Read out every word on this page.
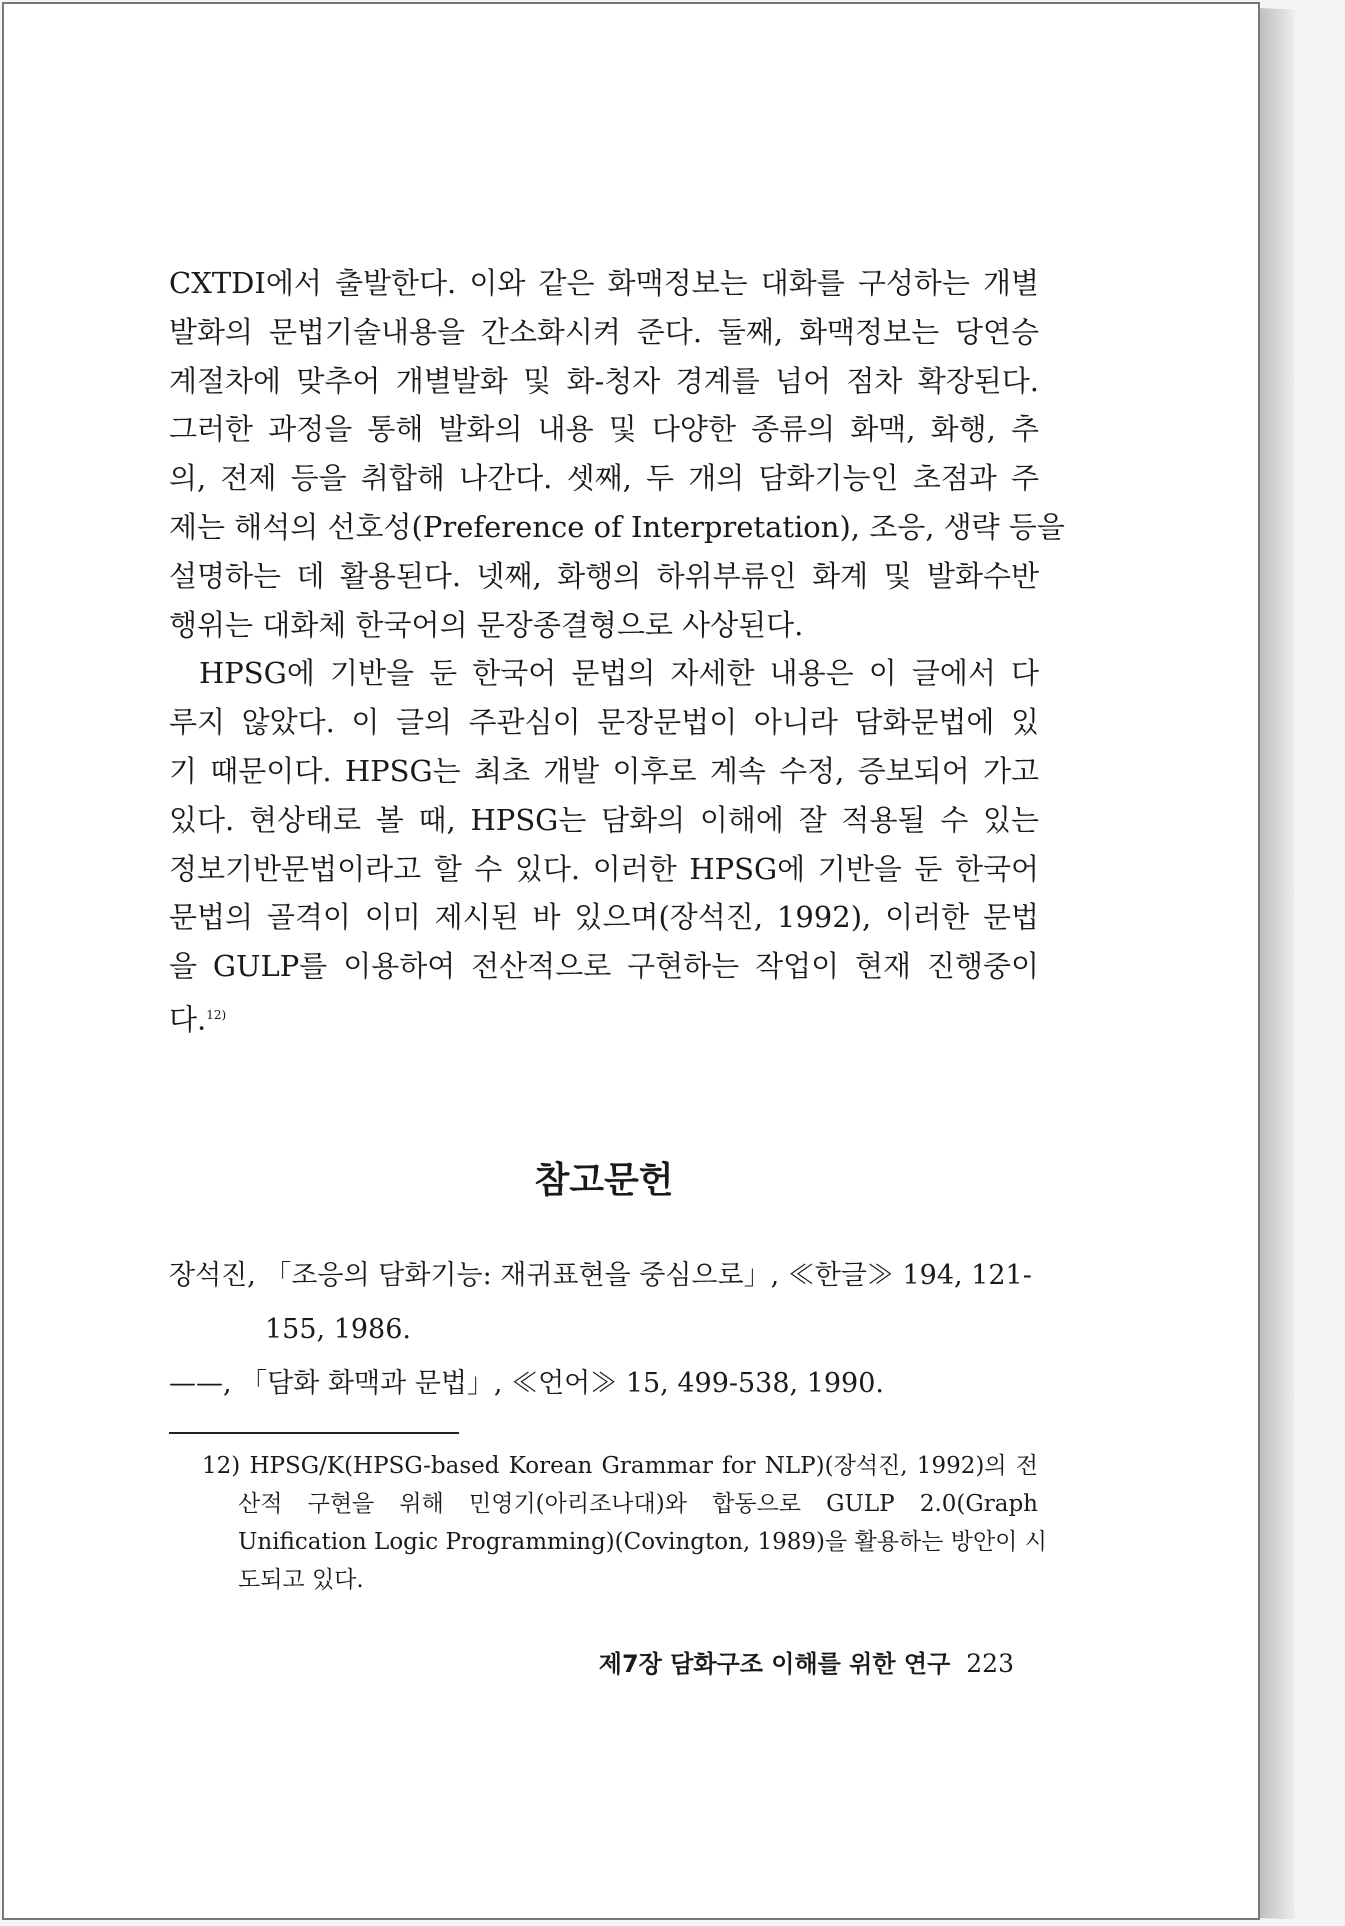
CXTDI에서 출발한다. 이와 같은 화맥정보는 대화를 구성하는 개별
발화의 문법기술내용을 간소화시켜 준다. 둘째, 화맥정보는 당연승
계절차에 맞추어 개별발화 및 화-청자 경계를 넘어 점차 확장된다.
그러한 과정을 통해 발화의 내용 및 다양한 종류의 화맥, 화행, 추
의, 전제 등을 취합해 나간다. 셋째, 두 개의 담화기능인 초점과 주
제는 해석의 선호성(Preference of Interpretation), 조응, 생략 등을
설명하는 데 활용된다. 넷째, 화행의 하위부류인 화계 및 발화수반
행위는 대화체 한국어의 문장종결형으로 사상된다.
HPSG에 기반을 둔 한국어 문법의 자세한 내용은 이 글에서 다
루지 않았다. 이 글의 주관심이 문장문법이 아니라 담화문법에 있
기 때문이다. HPSG는 최초 개발 이후로 계속 수정, 증보되어 가고
있다. 현상태로 볼 때, HPSG는 담화의 이해에 잘 적용될 수 있는
정보기반문법이라고 할 수 있다. 이러한 HPSG에 기반을 둔 한국어
문법의 골격이 이미 제시된 바 있으며(장석진, 1992), 이러한 문법
을 GULP를 이용하여 전산적으로 구현하는 작업이 현재 진행중이
다.$^{12)}$
참고문헌
장석진, 「조응의 담화기능: 재귀표현을 중심으로」, ≪한글≫ 194, 121-
155, 1986.
——, 「담화 화맥과 문법」, ≪언어≫ 15, 499-538, 1990.
12) HPSG/K(HPSG-based Korean Grammar for NLP)(장석진, 1992)의 전
산적 구현을 위해 민영기(아리조나대)와 합동으로 GULP 2.0(Graph
Unification Logic Programming)(Covington, 1989)을 활용하는 방안이 시
도되고 있다.
제7장 담화구조 이해를 위한 연구 223
